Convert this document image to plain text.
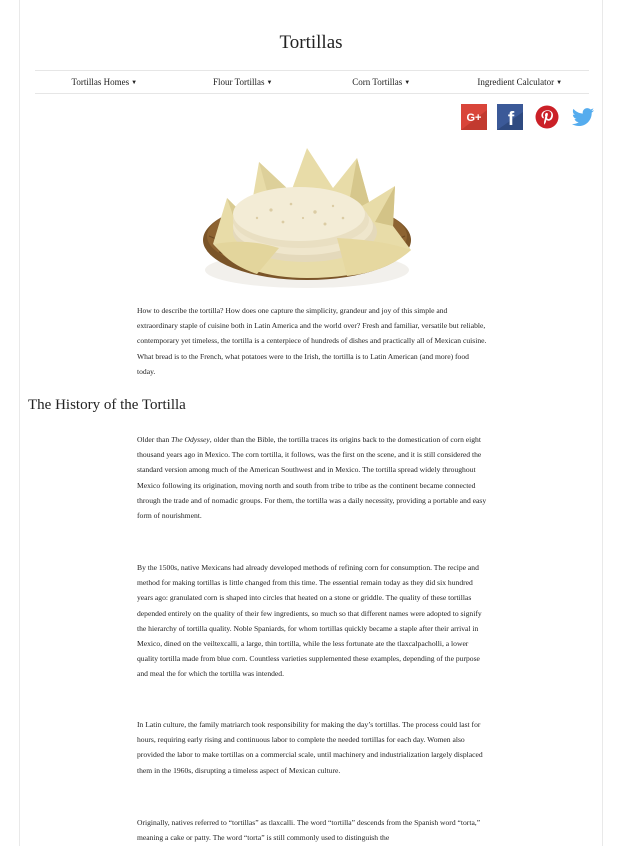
Tortillas
Tortillas Homes ▼	Flour Tortillas ▼	Corn Tortillas ▼	Ingredient Calculator ▼
G+ f

How to describe the tortilla? How does one capture the simplicity, grandeur and joy of this simple and extraordinary staple of cuisine both in Latin America and the world over? Fresh and familiar, versatile but reliable, contemporary yet timeless, the tortilla is a centerpiece of hundreds of dishes and practically all of Mexican cuisine. What bread is to the French, what potatoes were to the Irish, the tortilla is to Latin American (and more) food today.

The History of the Tortilla

Older than The Odyssey, older than the Bible, the tortilla traces its origins back to the domestication of corn eight thousand years ago in Mexico. The corn tortilla, it follows, was the first on the scene, and it is still considered the standard version among much of the American Southwest and in Mexico. The tortilla spread widely throughout Mexico following its origination, moving north and south from tribe to tribe as the continent became connected through the trade and of nomadic groups. For them, the tortilla was a daily necessity, providing a portable and easy form of nourishment.

By the 1500s, native Mexicans had already developed methods of refining corn for consumption. The recipe and method for making tortillas is little changed from this time. The essential remain today as they did six hundred years ago: granulated corn is shaped into circles that heated on a stone or griddle. The quality of these tortillas depended entirely on the quality of their few ingredients, so much so that different names were adopted to signify the hierarchy of tortilla quality. Noble Spaniards, for whom tortillas quickly became a staple after their arrival in Mexico, dined on the veiltexcalli, a large, thin tortilla, while the less fortunate ate the tlaxcalpacholli, a lower quality tortilla made from blue corn. Countless varieties supplemented these examples, depending of the purpose and meal the for which the tortilla was intended.

In Latin culture, the family matriarch took responsibility for making the day’s tortillas. The process could last for hours, requiring early rising and continuous labor to complete the needed tortillas for each day. Women also provided the labor to make tortillas on a commercial scale, until machinery and industrialization largely displaced them in the 1960s, disrupting a timeless aspect of Mexican culture.

Originally, natives referred to “tortillas” as tlaxcalli. The word “tortilla” descends from the Spanish word “torta,” meaning a cake or patty. The word “torta” is still commonly used to distinguish the
